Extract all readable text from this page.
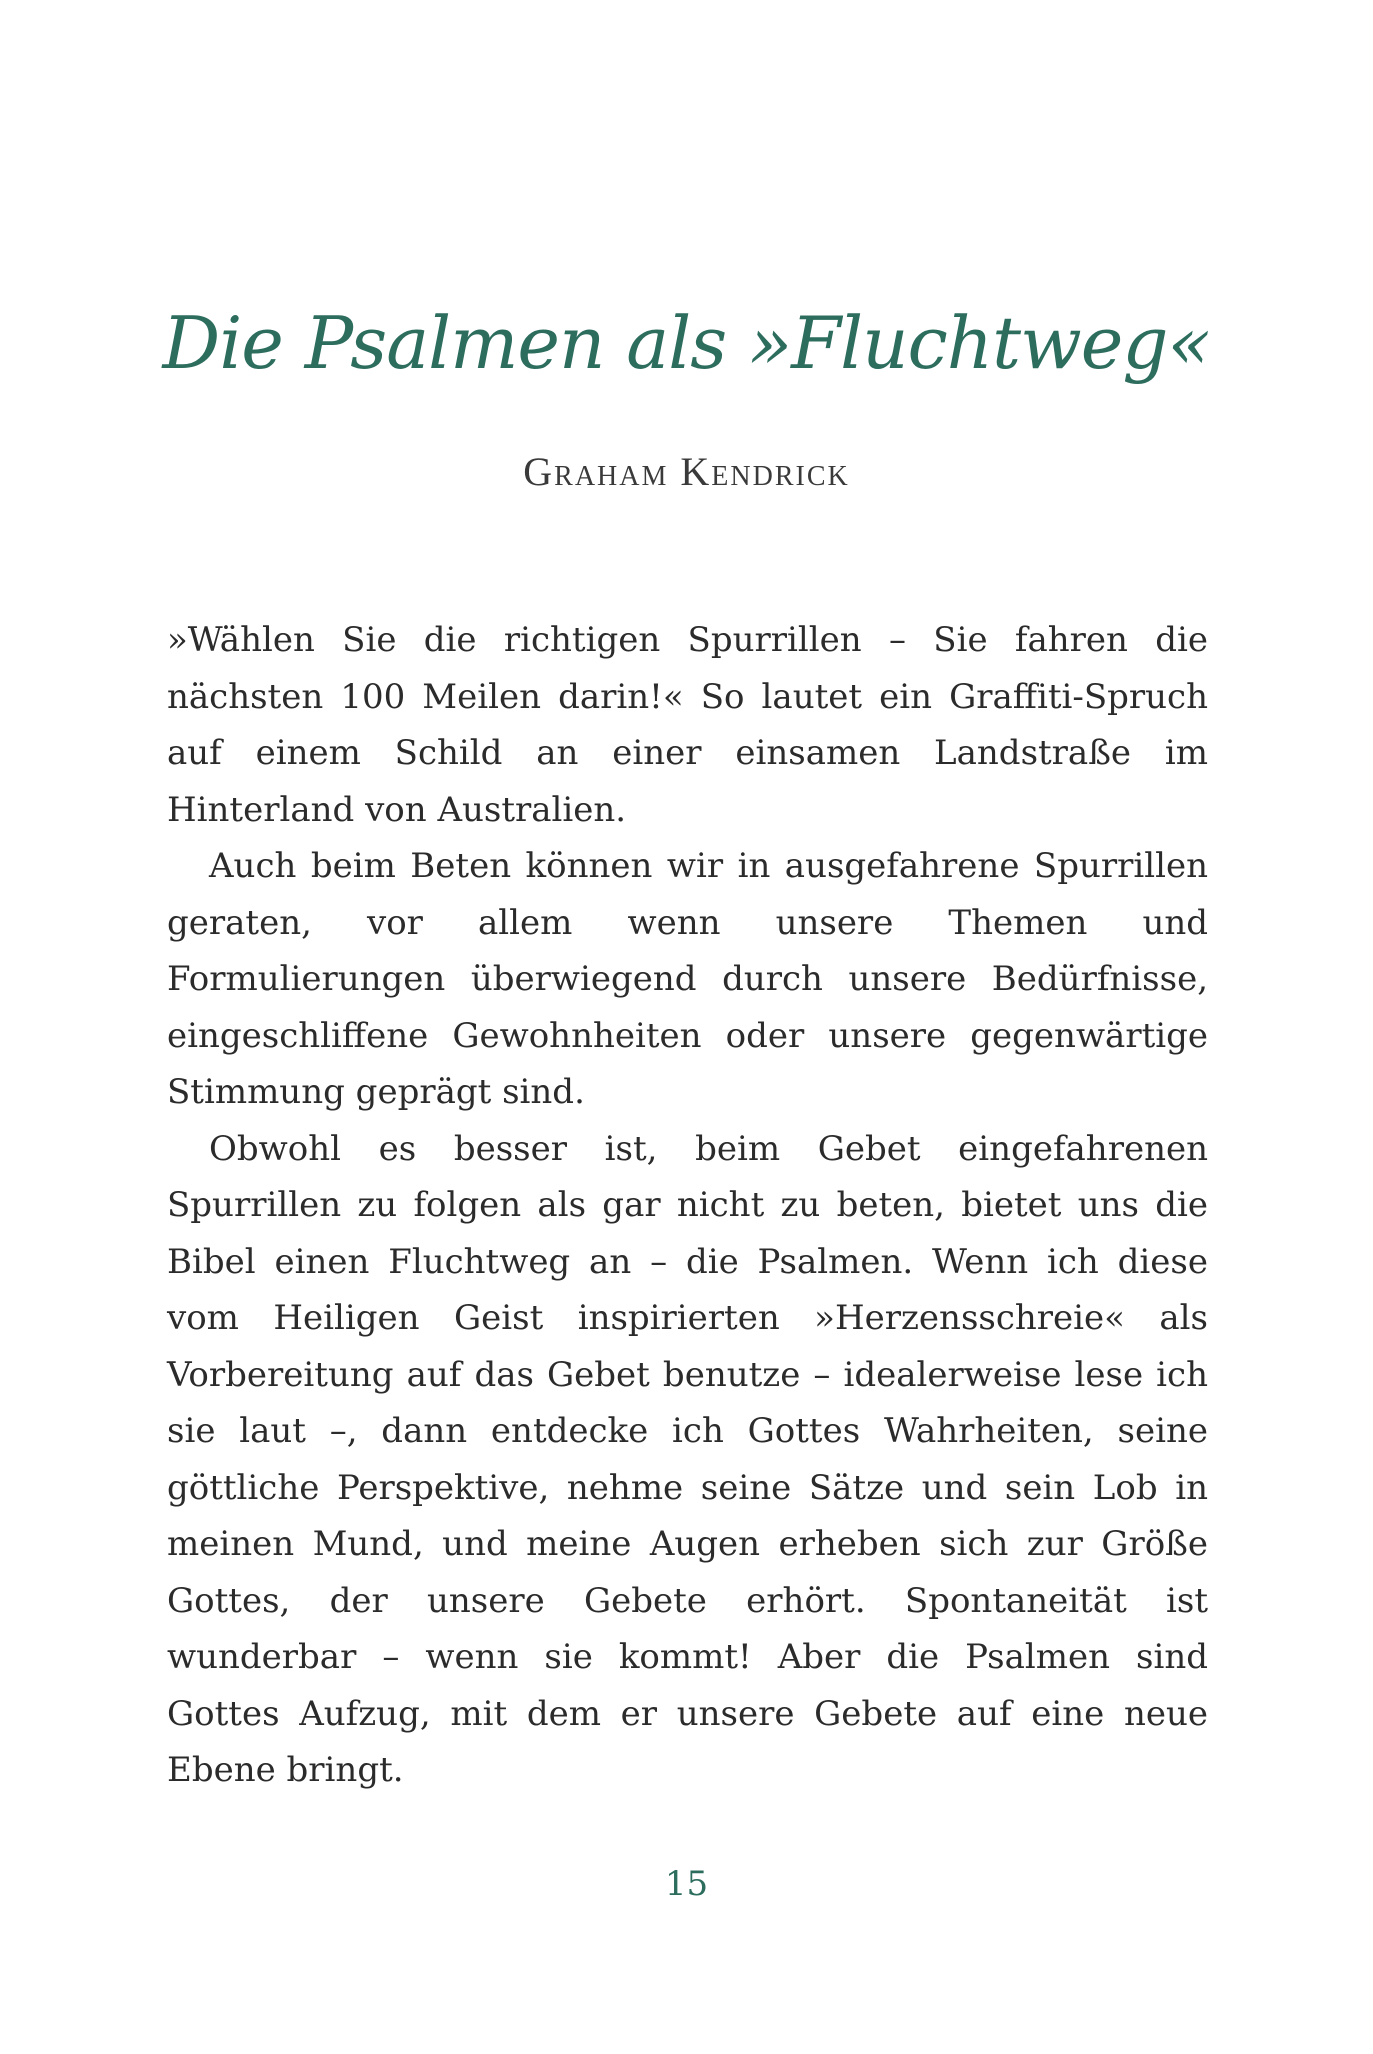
Die Psalmen als »Fluchtweg«
Graham Kendrick

»Wählen Sie die richtigen Spurrillen – Sie fahren die nächsten 100 Meilen darin!« So lautet ein Graffiti-Spruch auf einem Schild an einer einsamen Landstraße im Hinterland von Australien.

Auch beim Beten können wir in ausgefahrene Spurrillen geraten, vor allem wenn unsere Themen und Formulierungen überwiegend durch unsere Bedürfnisse, eingeschliffene Gewohnheiten oder unsere gegenwärtige Stimmung geprägt sind.

Obwohl es besser ist, beim Gebet eingefahrenen Spurrillen zu folgen als gar nicht zu beten, bietet uns die Bibel einen Fluchtweg an – die Psalmen. Wenn ich diese vom Heiligen Geist inspirierten »Herzensschreie« als Vorbereitung auf das Gebet benutze – idealerweise lese ich sie laut –, dann entdecke ich Gottes Wahrheiten, seine göttliche Perspektive, nehme seine Sätze und sein Lob in meinen Mund, und meine Augen erheben sich zur Größe Gottes, der unsere Gebete erhört. Spontaneität ist wunderbar – wenn sie kommt! Aber die Psalmen sind Gottes Aufzug, mit dem er unsere Gebete auf eine neue Ebene bringt.

15
